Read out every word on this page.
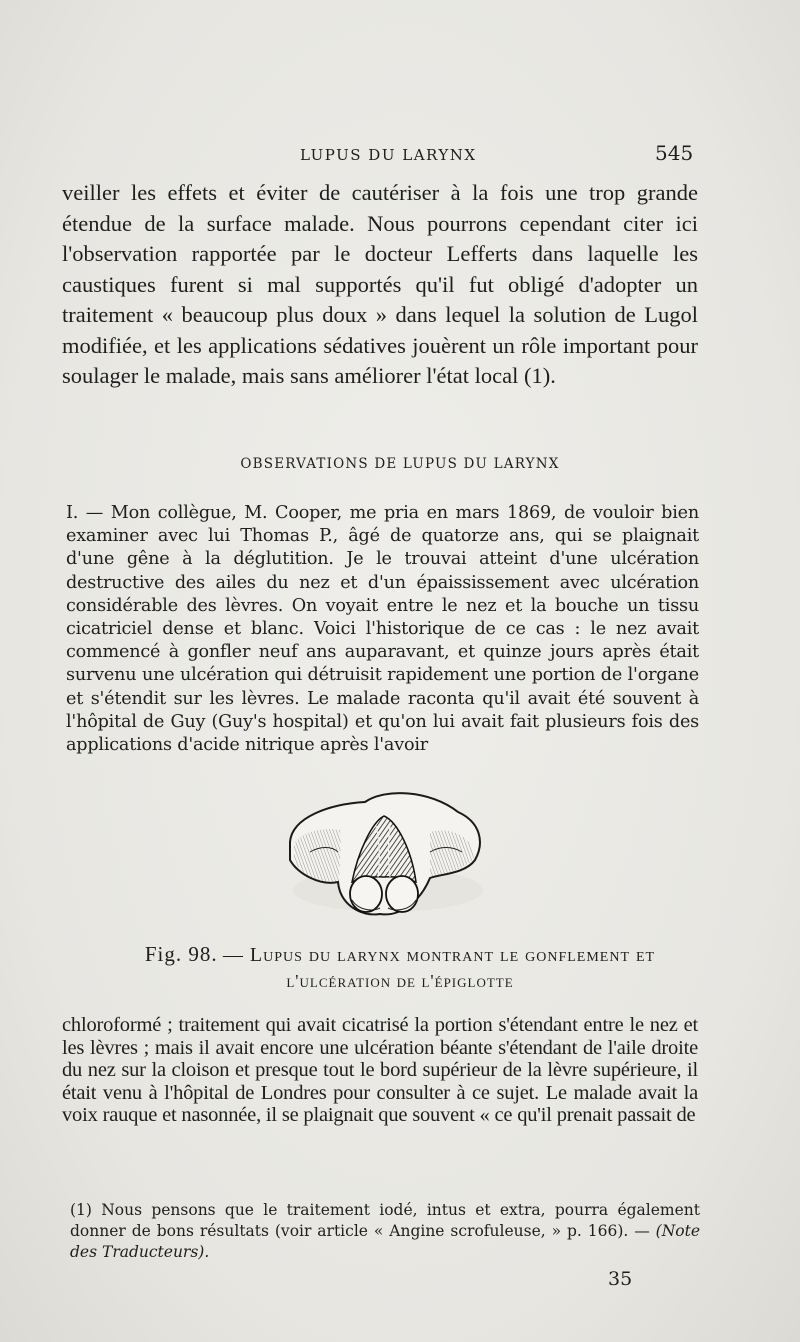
LUPUS DU LARYNX	545

veiller les effets et éviter de cautériser à la fois une trop grande étendue de la surface malade. Nous pourrons cependant citer ici l'observation rapportée par le docteur Lefferts dans laquelle les caustiques furent si mal supportés qu'il fut obligé d'adopter un traitement « beaucoup plus doux » dans lequel la solution de Lugol modifiée, et les applications sédatives jouèrent un rôle important pour soulager le malade, mais sans améliorer l'état local (1).

OBSERVATIONS DE LUPUS DU LARYNX

I. — Mon collègue, M. Cooper, me pria en mars 1869, de vouloir bien examiner avec lui Thomas P., âgé de quatorze ans, qui se plaignait d'une gêne à la déglutition. Je le trouvai atteint d'une ulcération destructive des ailes du nez et d'un épaississement avec ulcération considérable des lèvres. On voyait entre le nez et la bouche un tissu cicatriciel dense et blanc. Voici l'historique de ce cas : le nez avait commencé à gonfler neuf ans auparavant, et quinze jours après était survenu une ulcération qui détruisit rapidement une portion de l'organe et s'étendit sur les lèvres. Le malade raconta qu'il avait été souvent à l'hôpital de Guy (Guy's hospital) et qu'on lui avait fait plusieurs fois des applications d'acide nitrique après l'avoir

Fig. 98. — Lupus du larynx montrant le gonflement et
l'ulcération de l'épiglotte

chloroformé ; traitement qui avait cicatrisé la portion s'étendant entre le nez et les lèvres ; mais il avait encore une ulcération béante s'étendant de l'aile droite du nez sur la cloison et presque tout le bord supérieur de la lèvre supérieure, il était venu à l'hôpital de Londres pour consulter à ce sujet. Le malade avait la voix rauque et nasonnée, il se plaignait que souvent « ce qu'il prenait passait de

(1) Nous pensons que le traitement iodé, intus et extra, pourra également donner de bons résultats (voir article « Angine scrofuleuse, » p. 166). — (Note des Traducteurs).
35
